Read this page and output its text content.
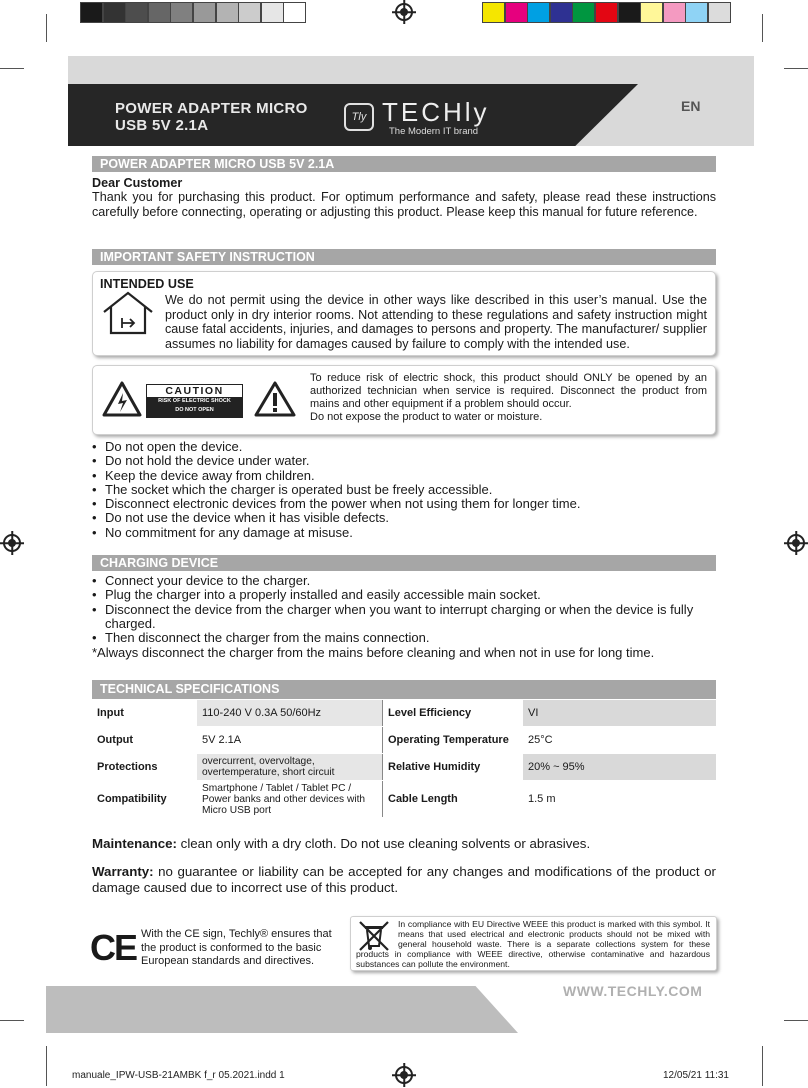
POWER ADAPTER MICRO
USB 5V 2.1A	Tly TECHly
The Modern IT brand
EN
POWER ADAPTER MICRO USB 5V 2.1A
Dear Customer
Thank you for purchasing this product. For optimum performance and safety, please read these instructions carefully before connecting, operating or adjusting this product. Please keep this manual for future reference.
IMPORTANT SAFETY INSTRUCTION
INTENDED USE
We do not permit using the device in other ways like described in this user’s manual. Use the product only in dry interior rooms. Not attending to these regulations and safety instruction might cause fatal accidents, injuries, and damages to persons and property. The manufacturer/ supplier assumes no liability for damages caused by failure to comply with the intended use.
CAUTION
RISK OF ELECTRIC SHOCK
DO NOT OPEN
To reduce risk of electric shock, this product should ONLY be opened by an authorized technician when service is required. Disconnect the product from mains and other equipment if a problem should occur.
Do not expose the product to water or moisture.
• Do not open the device.
• Do not hold the device under water.
• Keep the device away from children.
• The socket which the charger is operated bust be freely accessible.
• Disconnect electronic devices from the power when not using them for longer time.
• Do not use the device when it has visible defects.
• No commitment for any damage at misuse.
CHARGING DEVICE
• Connect your device to the charger.
• Plug the charger into a properly installed and easily accessible main socket.
• Disconnect the device from the charger when you want to interrupt charging or when the device is fully charged.
• Then disconnect the charger from the mains connection.
*Always disconnect the charger from the mains before cleaning and when not in use for long time.
TECHNICAL SPECIFICATIONS
Input	110-240 V 0.3A 50/60Hz	Level Efficiency	VI
Output	5V 2.1A	Operating Temperature	25°C
Protections	overcurrent, overvoltage, overtemperature, short circuit	Relative Humidity	20% ~ 95%
Compatibility	Smartphone / Tablet / Tablet PC / Power banks and other devices with Micro USB port	Cable Length	1.5 m
Maintenance: clean only with a dry cloth. Do not use cleaning solvents or abrasives.
Warranty: no guarantee or liability can be accepted for any changes and modifications of the product or damage caused due to incorrect use of this product.
CE With the CE sign, Techly® ensures that the product is conformed to the basic European standards and directives.
In compliance with EU Directive WEEE this product is marked with this symbol. It means that used electrical and electronic products should not be mixed with general household waste. There is a separate collections system for these products in compliance with WEEE directive, otherwise contaminative and hazardous substances can pollute the environment.
WWW.TECHLY.COM
manuale_IPW-USB-21AMBK f_r 05.2021.indd 1	12/05/21 11:31
